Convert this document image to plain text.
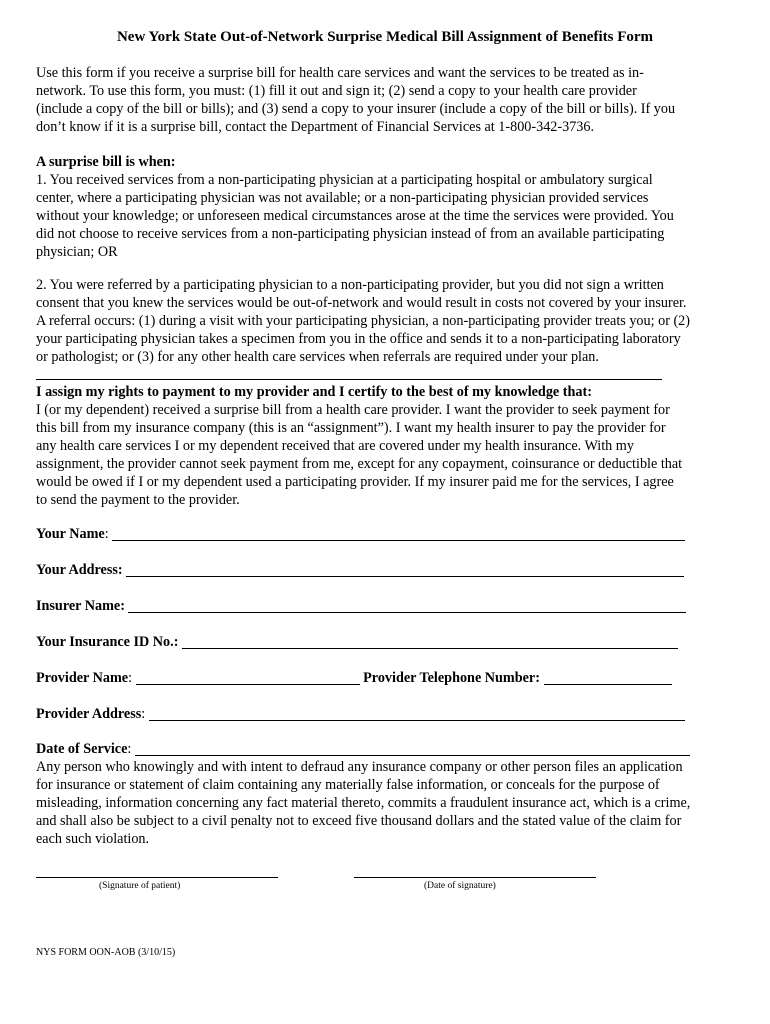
New York State Out-of-Network Surprise Medical Bill Assignment of Benefits Form
Use this form if you receive a surprise bill for health care services and want the services to be treated as in-
network. To use this form, you must: (1) fill it out and sign it; (2) send a copy to your health care provider
(include a copy of the bill or bills); and (3) send a copy to your insurer (include a copy of the bill or bills). If you
don’t know if it is a surprise bill, contact the Department of Financial Services at 1-800-342-3736.
A surprise bill is when:
1. You received services from a non-participating physician at a participating hospital or ambulatory surgical
center, where a participating physician was not available; or a non-participating physician provided services
without your knowledge; or unforeseen medical circumstances arose at the time the services were provided. You
did not choose to receive services from a non-participating physician instead of from an available participating
physician; OR
2. You were referred by a participating physician to a non-participating provider, but you did not sign a written
consent that you knew the services would be out-of-network and would result in costs not covered by your insurer.
A referral occurs: (1) during a visit with your participating physician, a non-participating provider treats you; or (2)
your participating physician takes a specimen from you in the office and sends it to a non-participating laboratory
or pathologist; or (3) for any other health care services when referrals are required under your plan.
I assign my rights to payment to my provider and I certify to the best of my knowledge that:
I (or my dependent) received a surprise bill from a health care provider. I want the provider to seek payment for
this bill from my insurance company (this is an “assignment”). I want my health insurer to pay the provider for
any health care services I or my dependent received that are covered under my health insurance. With my
assignment, the provider cannot seek payment from me, except for any copayment, coinsurance or deductible that
would be owed if I or my dependent used a participating provider. If my insurer paid me for the services, I agree
to send the payment to the provider.
Your Name :
Your Address:

Insurer Name:

Your Insurance ID No.:

Provider Name :
	Provider Telephone Number:

Provider Address :
Date of Service :
Any person who knowingly and with intent to defraud any insurance company or other person files an application
for insurance or statement of claim containing any materially false information, or conceals for the purpose of
misleading, information concerning any fact material thereto, commits a fraudulent insurance act, which is a crime,
and shall also be subject to a civil penalty not to exceed five thousand dollars and the stated value of the claim for
each such violation.
(Signature of patient)	(Date of signature)
NYS FORM OON-AOB (3/10/15)
